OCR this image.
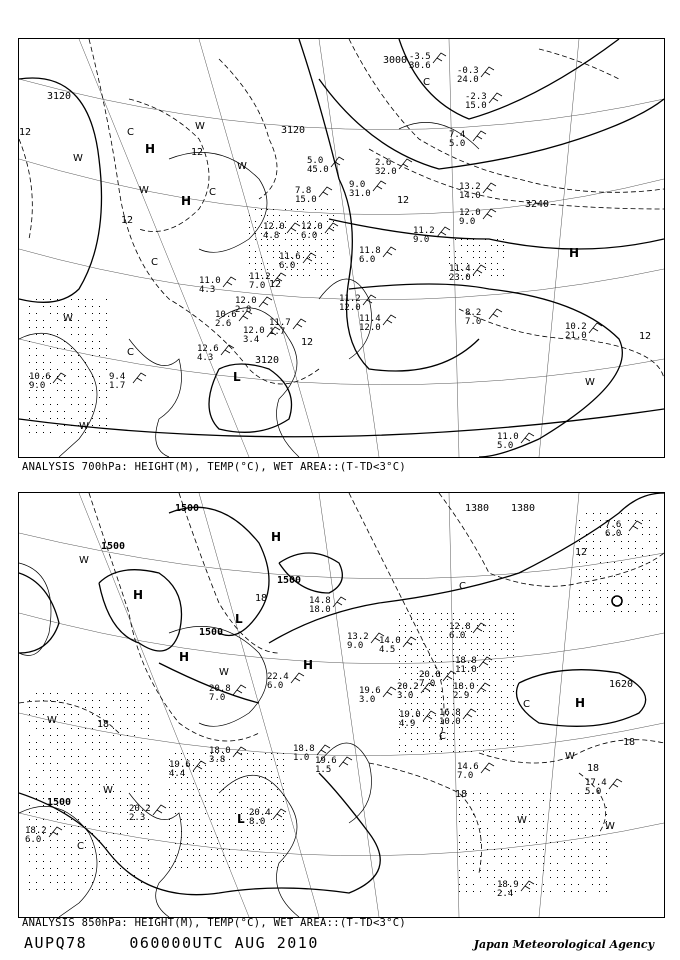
10.6
9.0
12.0
4.8
11.6
6.0
11.0
4.3
10.6
2.6
12.0
3.4
12.6
4.3
9.4
1.7
11.2
7.0
12.0
2.8
11.7
1.7
11.2
12.0
11.4
12.0
12.0
6.0
11.8
6.0
11.2
9.0
11.4
23.0
12.0
9.0
13.2
14.0
8.2
7.0	10.2
21.0
11.0
5.0
9.0
31.0
7.8
15.0
5.0
45.0
-3.5
30.6	-0.3
24.0
-2.3
15.0
7.4
5.0
2.6
32.0
3120
3120
3120
3000
3240
12
12
12
12
12
12
12
H
H
H
L
W
W
W
W
W
W
W
C
C
C
C
C
ANALYSIS 700hPa: HEIGHT(M), TEMP(°C), WET AREA::(T-TD<3°C)
18.2
6.0
20.2
2.3
19.6
4.4
18.0
3.8
20.4
8.0
22.4
6.0
20.8
7.0
18.8
1.0 19.6
1.5
19.0
4.9
20.2
3.0
19.6
3.0
16.8
10.0
18.0
2.9
17.4
5.0
14.6
7.0
18.9
2.4
14.8
18.0
13.2
9.0 14.0
4.5
7.6
6.0
12.8
6.0
18.8
11.0
20.0
7.0
1500
1500
1500
1500
1500
1380 1380
1620
18
18
18
18
18
12
H
H
H
H
H
L
L
W
W
W
W
W
W
W
C
C
C
C
ANALYSIS 850hPa: HEIGHT(M), TEMP(°C), WET AREA::(T-TD<3°C)
AUPQ78	060000UTC AUG 2010	Japan Meteorological Agency
